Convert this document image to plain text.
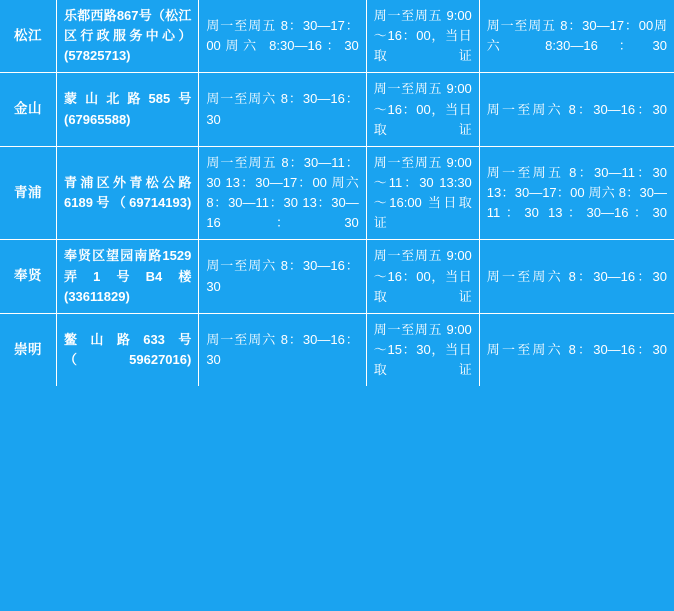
松江	乐都西路867号（松江区行政服务中心）(57825713)	周一至周五 8：30—17：00周六 8:30—16：30	周一至周五 9:00～16：00，当日取证	周一至周五 8：30—17：00周六 8:30—16：30
金山	蒙山北路585号(67965588)	周一至周六 8：30—16：30	周一至周五 9:00～16：00，当日取证	周一至周六 8：30—16：30
青浦	青浦区外青松公路6189号（69714193)	周一至周五 8：30—11：30 13：30—17：00 周六 8：30—11：30 13：30—16：30	周一至周五 9:00～11：30 13:30～16:00 当日取证	周一至周五 8：30—11：30 13：30—17：00 周六 8：30—11：30 13：30—16：30
奉贤	奉贤区望园南路1529弄1号B4楼 (33611829)	周一至周六 8：30—16：30	周一至周五 9:00～16：00，当日取证	周一至周六 8：30—16：30
崇明	鳌山路633号（59627016)	周一至周六 8：30—16：30	周一至周五 9:00～15：30，当日取证	周一至周六 8：30—16：30
